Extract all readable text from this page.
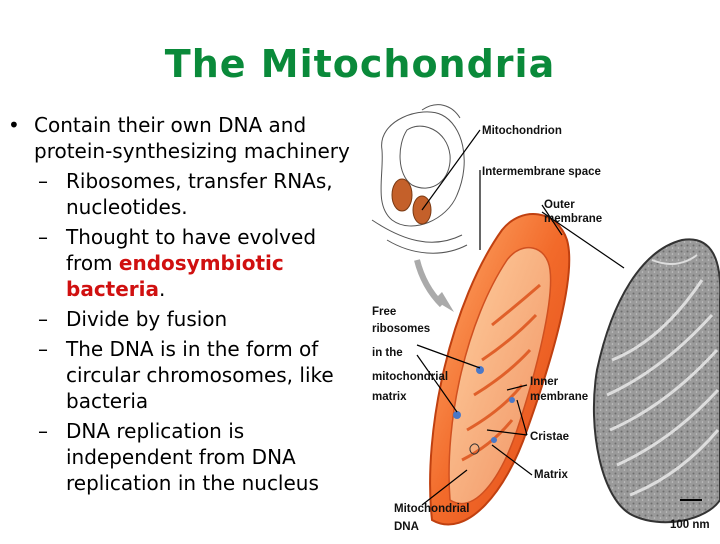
The Mitochondria
• Contain their own DNA and protein-synthesizing machinery
– Ribosomes, transfer RNAs, nucleotides.
– Thought to have evolved from endosymbiotic bacteria.
– Divide by fusion
– The DNA is in the form of circular chromosomes, like bacteria
– DNA replication is independent from DNA replication in the nucleus
Mitochondrion
Intermembrane space
Outer
membrane
Free
ribosomes
in the
mitochondrial
matrix
Inner
membrane
Cristae
Matrix
Mitochondrial
DNA	100 nm
